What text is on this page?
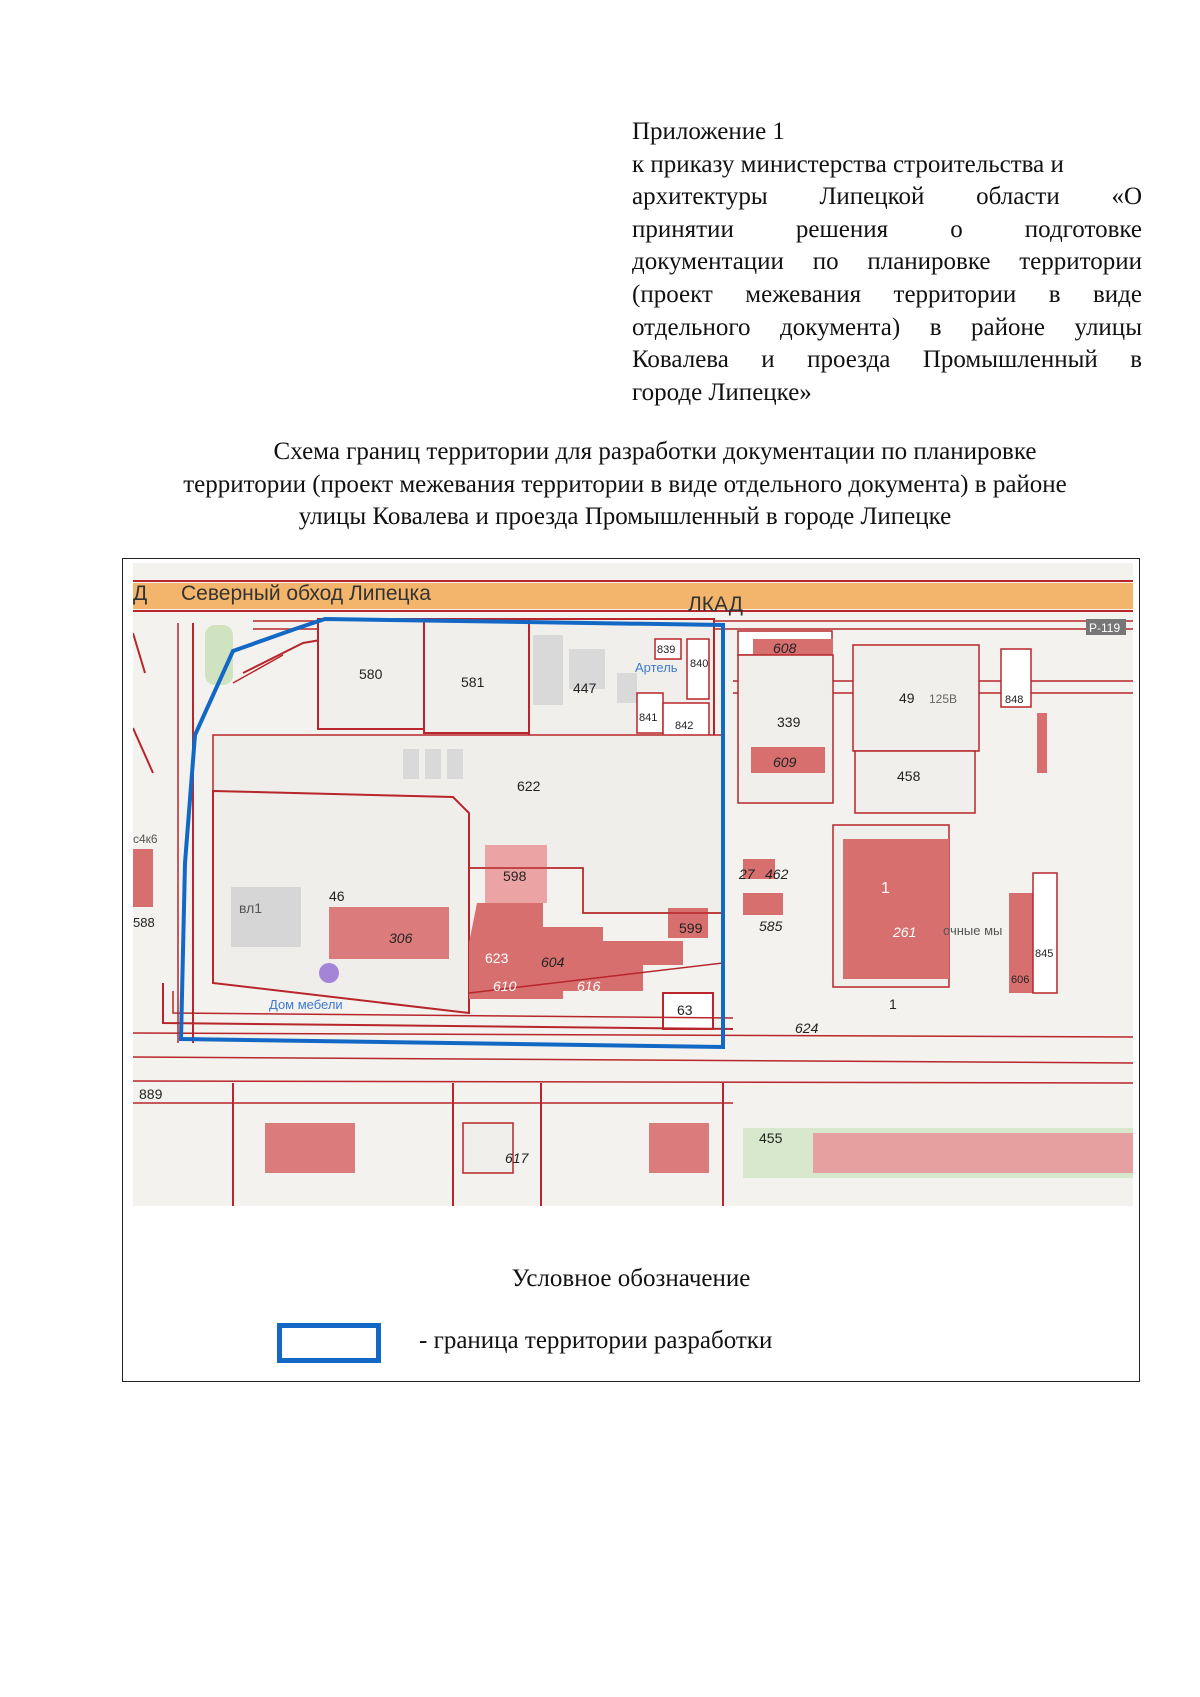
Приложение 1
к приказу министерства строительства и
архитектуры Липецкой области «О
принятии решения о подготовке
документации по планировке территории
(проект межевания территории в виде
отдельного документа) в районе улицы
Ковалева и проезда Промышленный в
городе Липецке»
Схема границ территории для разработки документации по планировке
территории (проект межевания территории в виде отдельного документа) в районе
улицы Ковалева и проезда Промышленный в городе Липецке
Р-119
Д Северный обход Липецка	ЛКАД
580	581	447
839
840
841
842
Артель
622
46
вл1
306
Дом мебели
598
623 604
610	616
599
63
608
339
609
49 125В	848
458
27 462
585
1
261 очные мы
1
606
845
624
588
с4к6
889
455
617
Условное обозначение
- граница территории разработки
